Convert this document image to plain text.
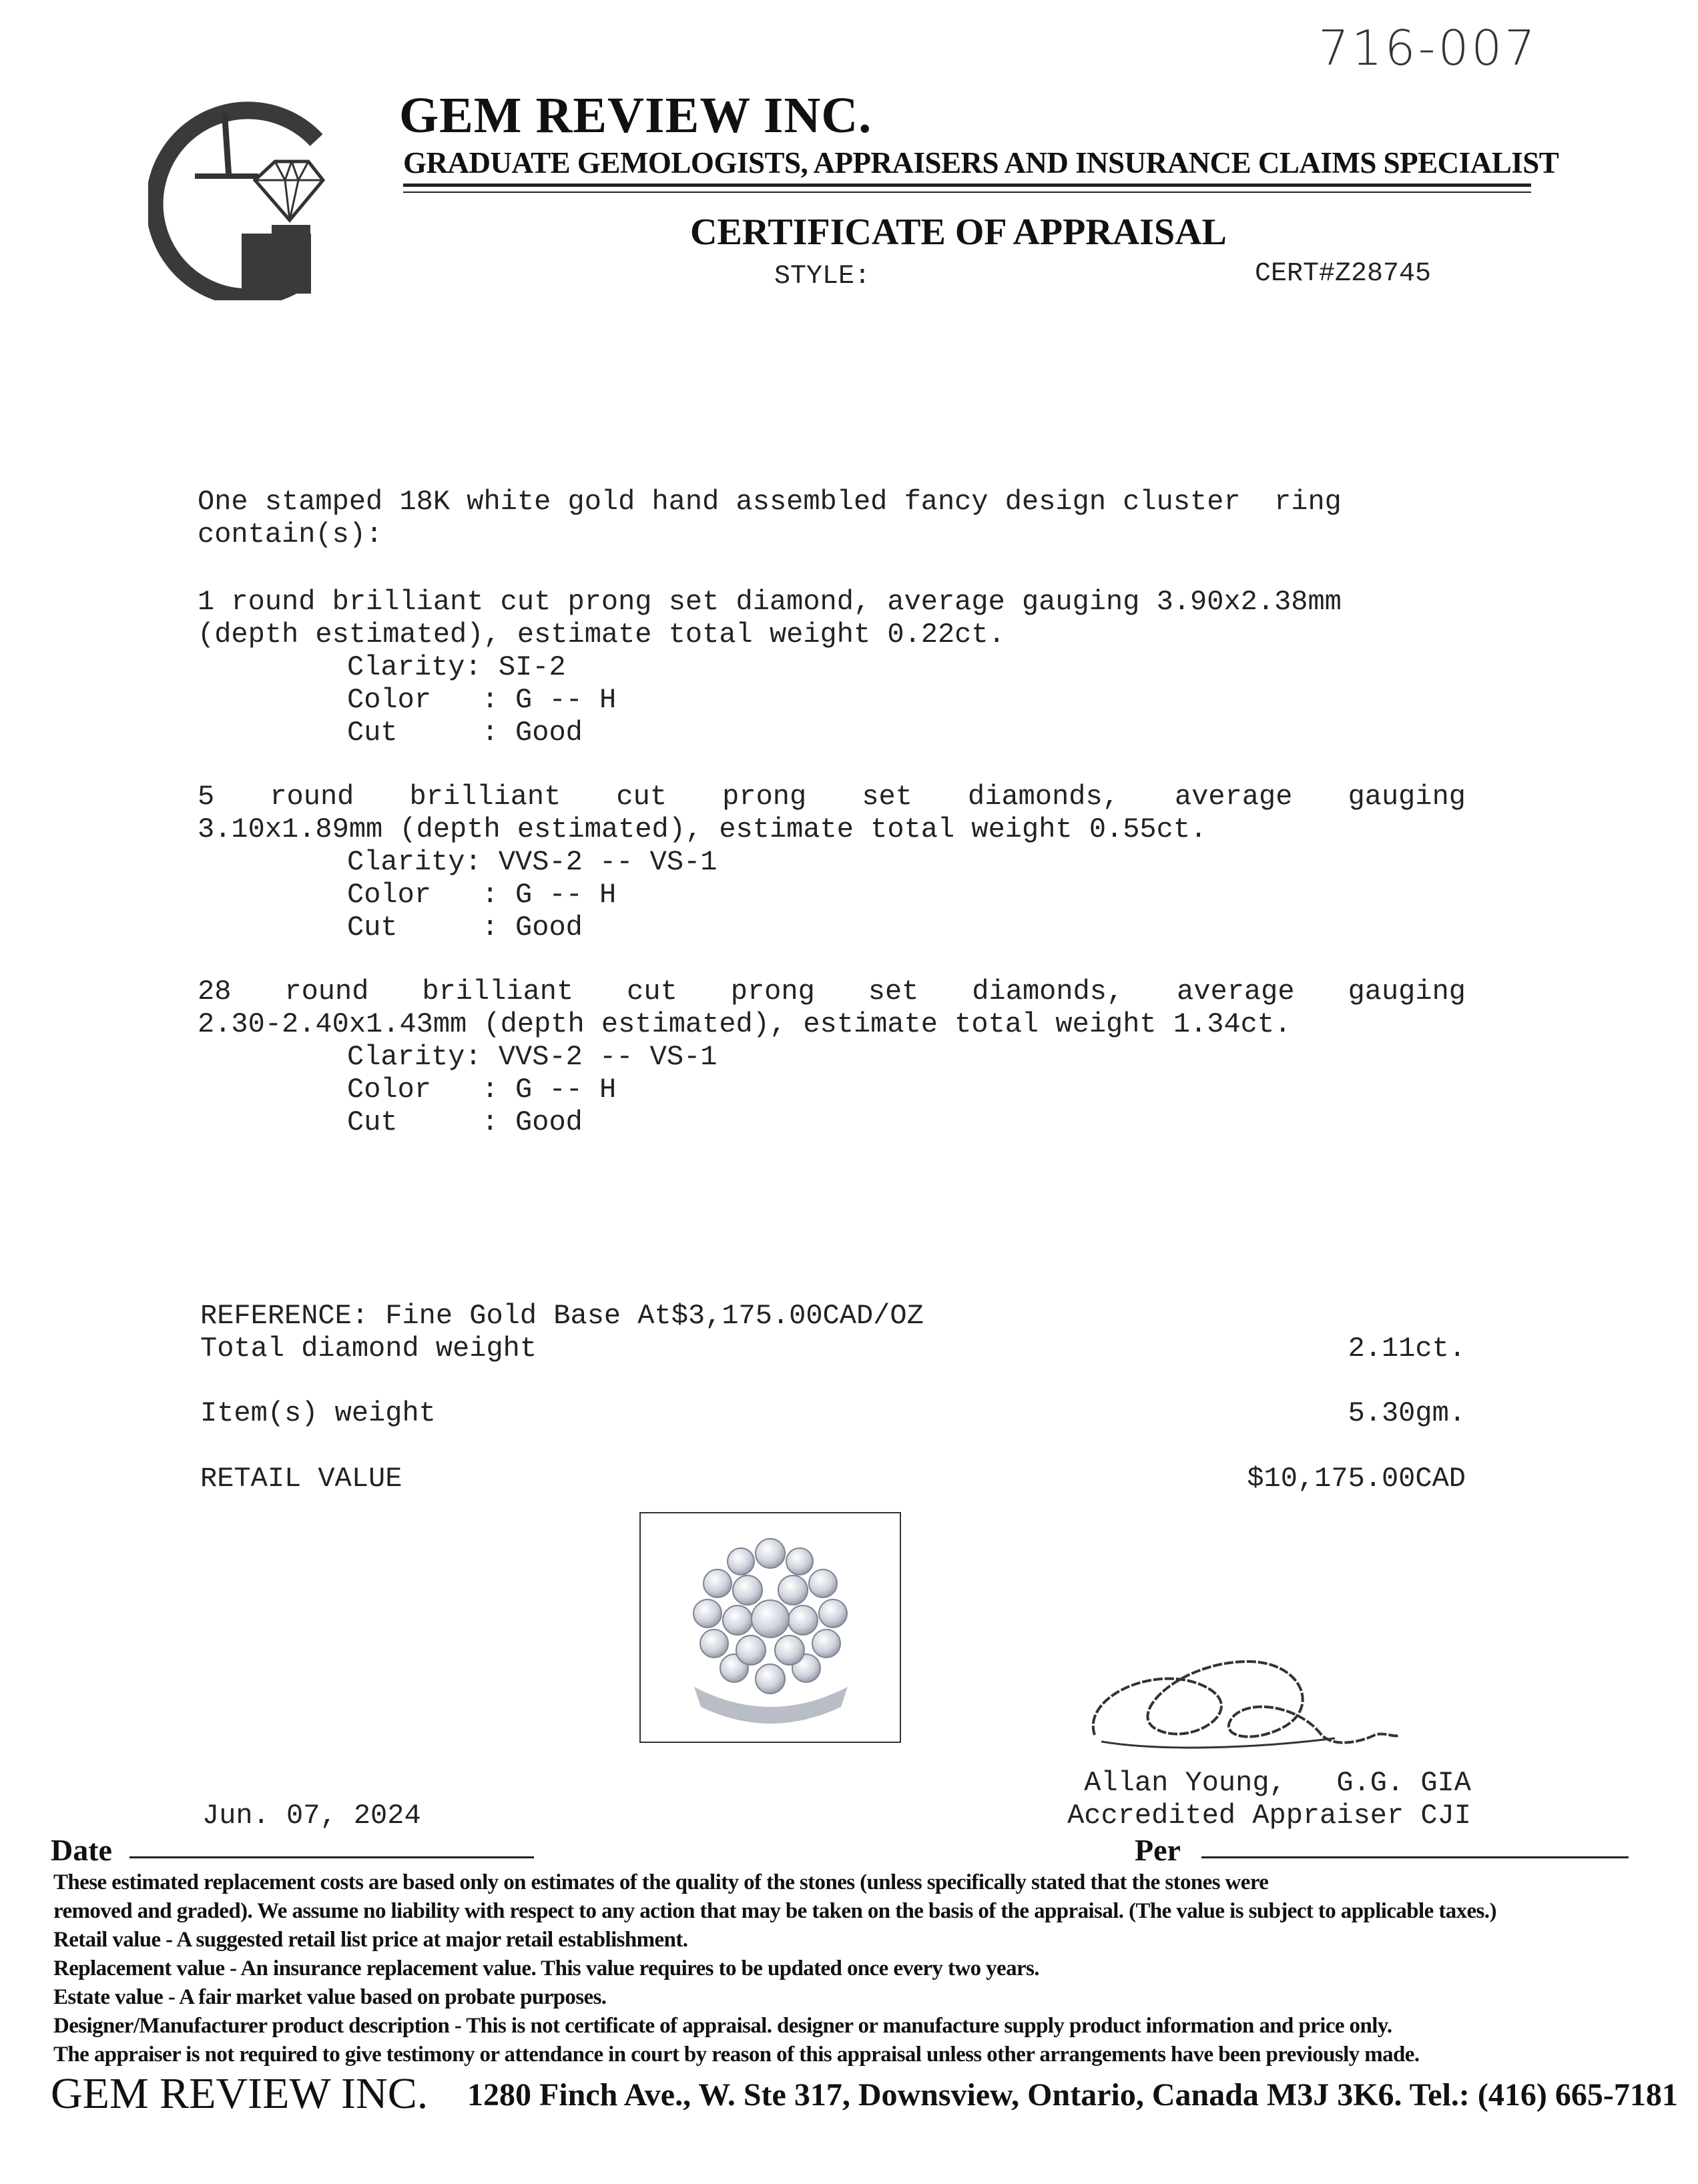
716-007
GEM REVIEW INC.
GRADUATE GEMOLOGISTS, APPRAISERS AND INSURANCE CLAIMS SPECIALIST
CERTIFICATE OF APPRAISAL
STYLE:	CERT#Z28745
One stamped 18K white gold hand assembled fancy design cluster  ring
contain(s):
1 round brilliant cut prong set diamond, average gauging 3.90x2.38mm
(depth estimated), estimate total weight 0.22ct.
Clarity: SI-2
Color   : G -- H
Cut     : Good
5 round brilliant cut prong set diamonds, average gauging
3.10x1.89mm (depth estimated), estimate total weight 0.55ct.
Clarity: VVS-2 -- VS-1
Color   : G -- H
Cut     : Good
28 round brilliant cut prong set diamonds, average gauging
2.30-2.40x1.43mm (depth estimated), estimate total weight 1.34ct.
Clarity: VVS-2 -- VS-1
Color   : G -- H
Cut     : Good
REFERENCE: Fine Gold Base At$3,175.00CAD/OZ
Total diamond weight	2.11ct.
Item(s) weight	5.30gm.
RETAIL VALUE	$10,175.00CAD
Allan Young,   G.G. GIA
Accredited Appraiser CJI
Jun. 07, 2024
Date	Per
These estimated replacement costs are based only on estimates of the quality of the stones (unless specifically stated that the stones were
removed and graded). We assume no liability with respect to any action that may be taken on the basis of the appraisal. (The value is subject to applicable taxes.)
Retail value - A suggested retail list price at major retail establishment.
Replacement value - An insurance replacement value. This value requires to be updated once every two years.
Estate value - A fair market value based on probate purposes.
Designer/Manufacturer product description - This is not certificate of appraisal. designer or manufacture supply product information and price only.
The appraiser is not required to give testimony or attendance in court by reason of this appraisal unless other arrangements have been previously made.
GEM REVIEW INC. 1280 Finch Ave., W. Ste 317, Downsview, Ontario, Canada M3J 3K6. Tel.: (416) 665-7181
